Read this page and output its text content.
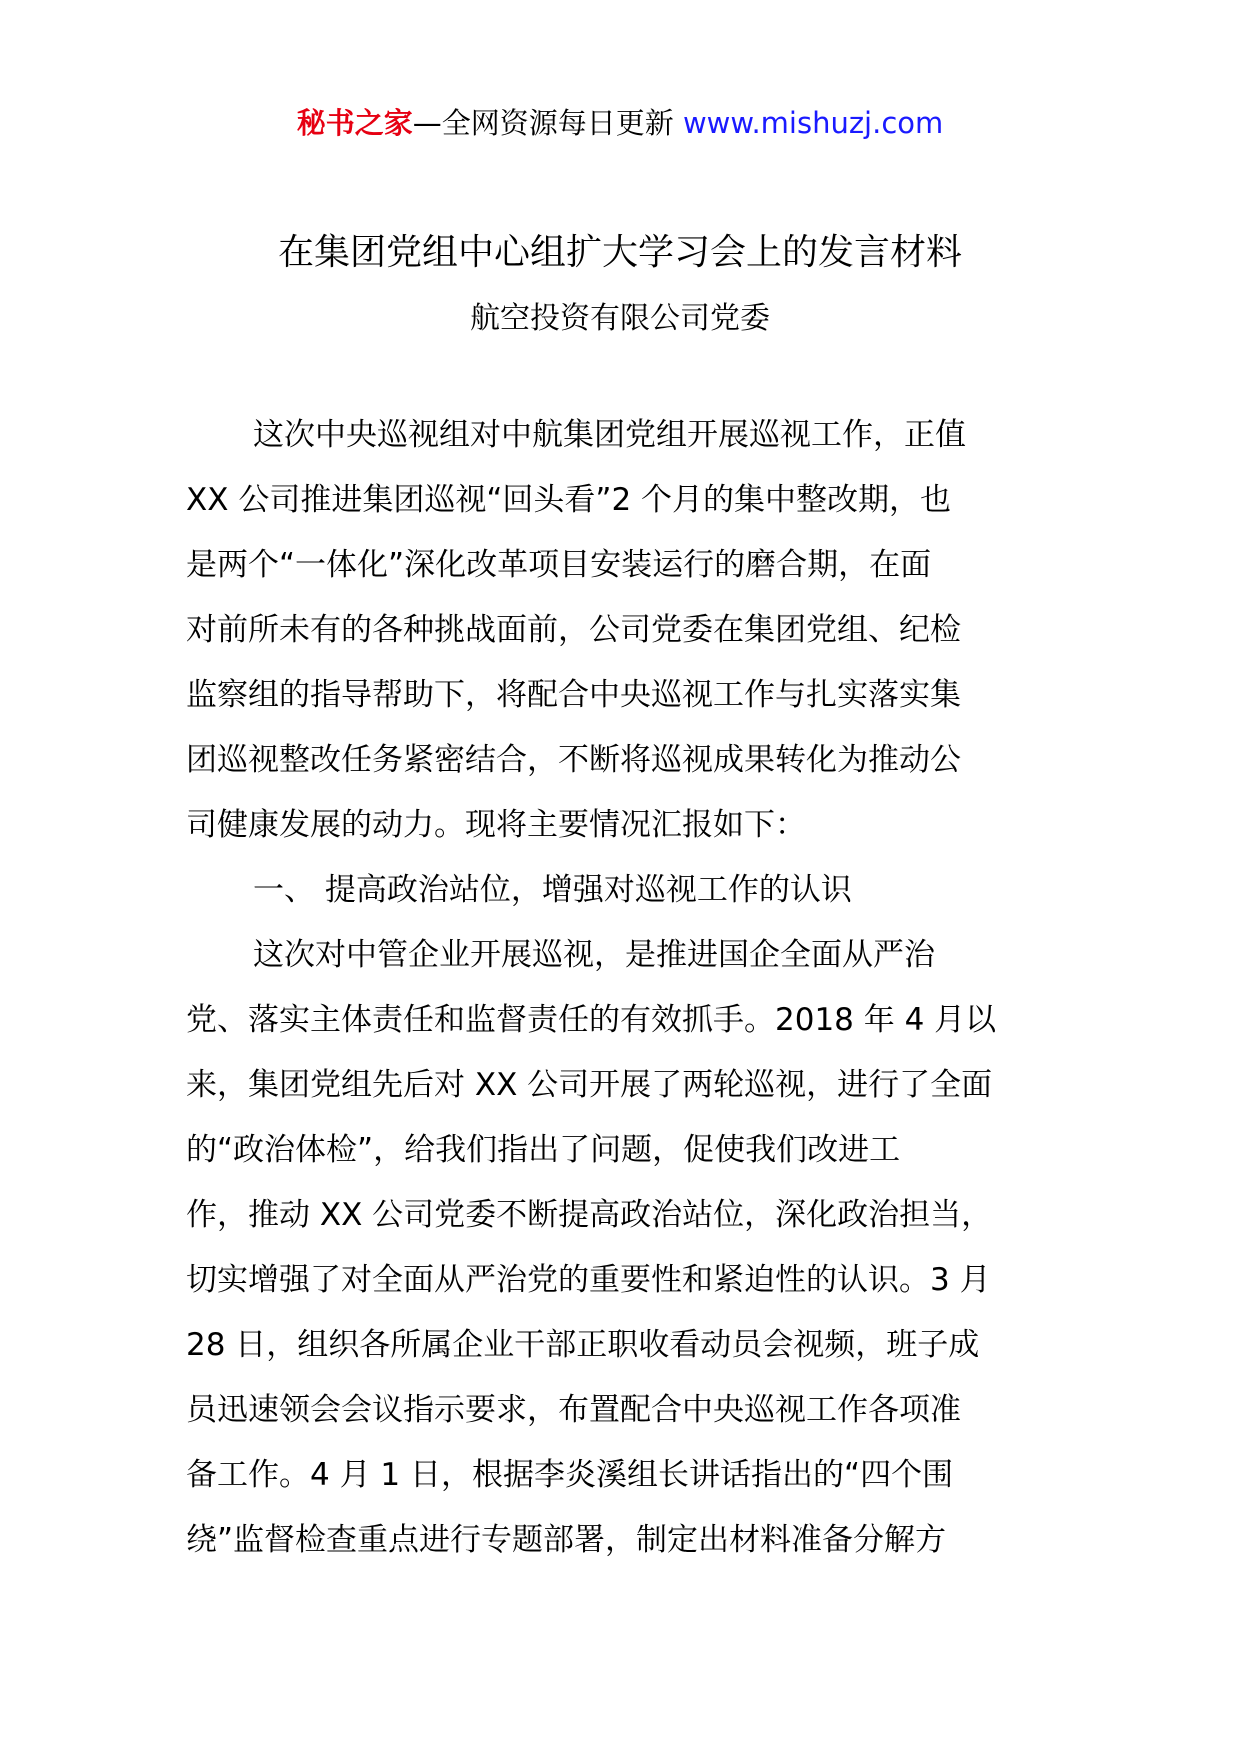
秘书之家—全网资源每日更新 www.mishuzj.com
在集团党组中心组扩大学习会上的发言材料
航空投资有限公司党委
这次中央巡视组对中航集团党组开展巡视工作，正值
XX 公司推进集团巡视“回头看”2 个月的集中整改期，也
是两个“一体化”深化改革项目安装运行的磨合期，在面
对前所未有的各种挑战面前，公司党委在集团党组、纪检
监察组的指导帮助下，将配合中央巡视工作与扎实落实集
团巡视整改任务紧密结合，不断将巡视成果转化为推动公
司健康发展的动力。现将主要情况汇报如下：
一、 提高政治站位，增强对巡视工作的认识
这次对中管企业开展巡视，是推进国企全面从严治
党、落实主体责任和监督责任的有效抓手。2018 年 4 月以
来，集团党组先后对 XX 公司开展了两轮巡视，进行了全面
的“政治体检”，给我们指出了问题，促使我们改进工
作，推动 XX 公司党委不断提高政治站位，深化政治担当，
切实增强了对全面从严治党的重要性和紧迫性的认识。3 月
28 日，组织各所属企业干部正职收看动员会视频，班子成
员迅速领会会议指示要求，布置配合中央巡视工作各项准
备工作。4 月 1 日，根据李炎溪组长讲话指出的“四个围
绕”监督检查重点进行专题部署，制定出材料准备分解方
